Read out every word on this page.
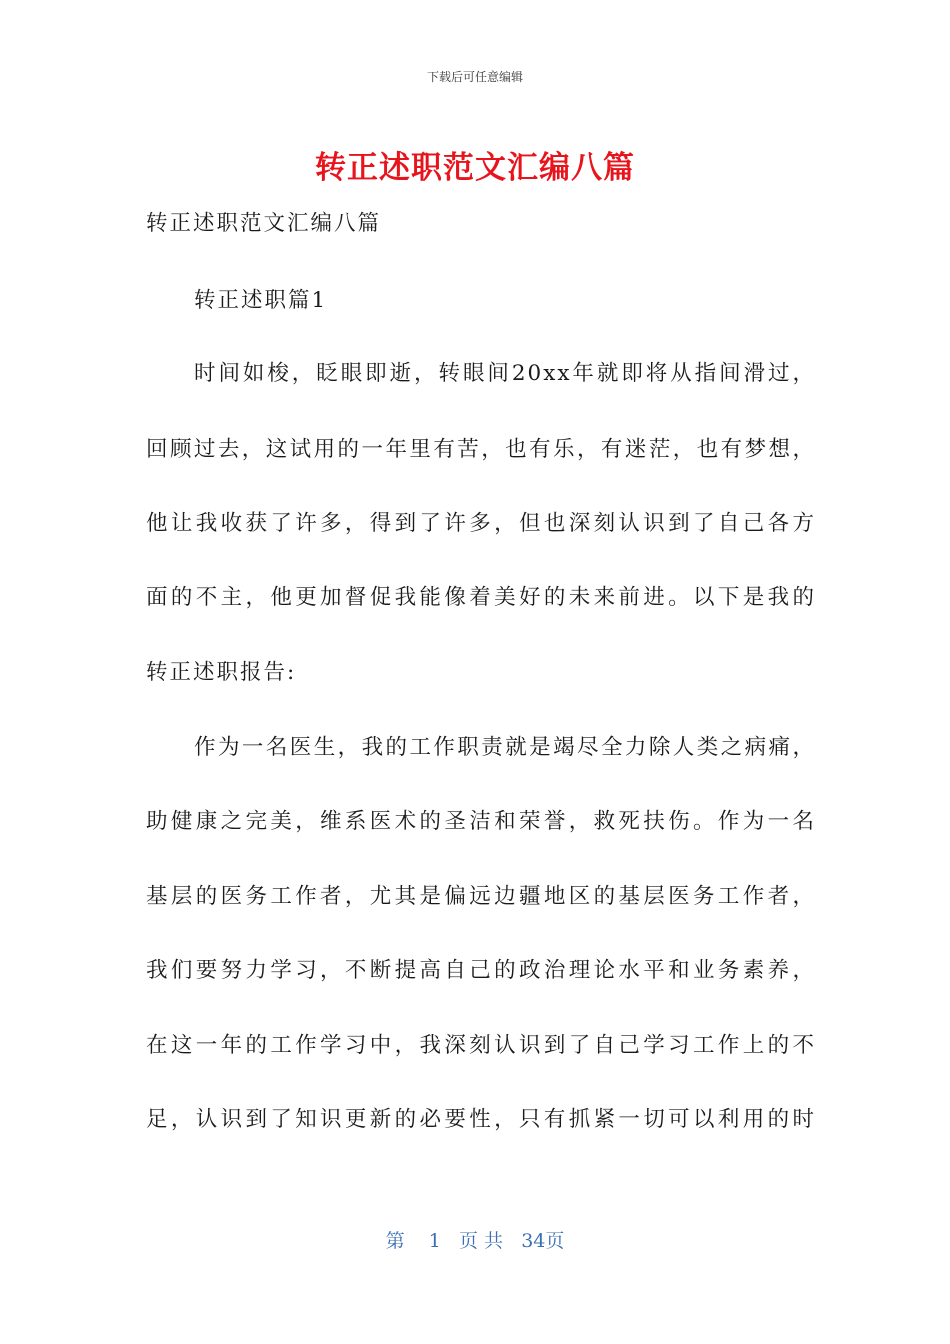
下载后可任意编辑
转正述职范文汇编八篇
转正述职范文汇编八篇
转正述职篇1
时间如梭，眨眼即逝，转眼间20xx年就即将从指间滑过，
回顾过去，这试用的一年里有苦，也有乐，有迷茫，也有梦想，
他让我收获了许多，得到了许多，但也深刻认识到了自己各方
面的不主，他更加督促我能像着美好的未来前进。以下是我的
转正述职报告:
作为一名医生，我的工作职责就是竭尽全力除人类之病痛，
助健康之完美，维系医术的圣洁和荣誉，救死扶伤。作为一名
基层的医务工作者，尤其是偏远边疆地区的基层医务工作者，
我们要努力学习，不断提高自己的政治理论水平和业务素养，
在这一年的工作学习中，我深刻认识到了自己学习工作上的不
足，认识到了知识更新的必要性，只有抓紧一切可以利用的时
第 1 页 共 34页
